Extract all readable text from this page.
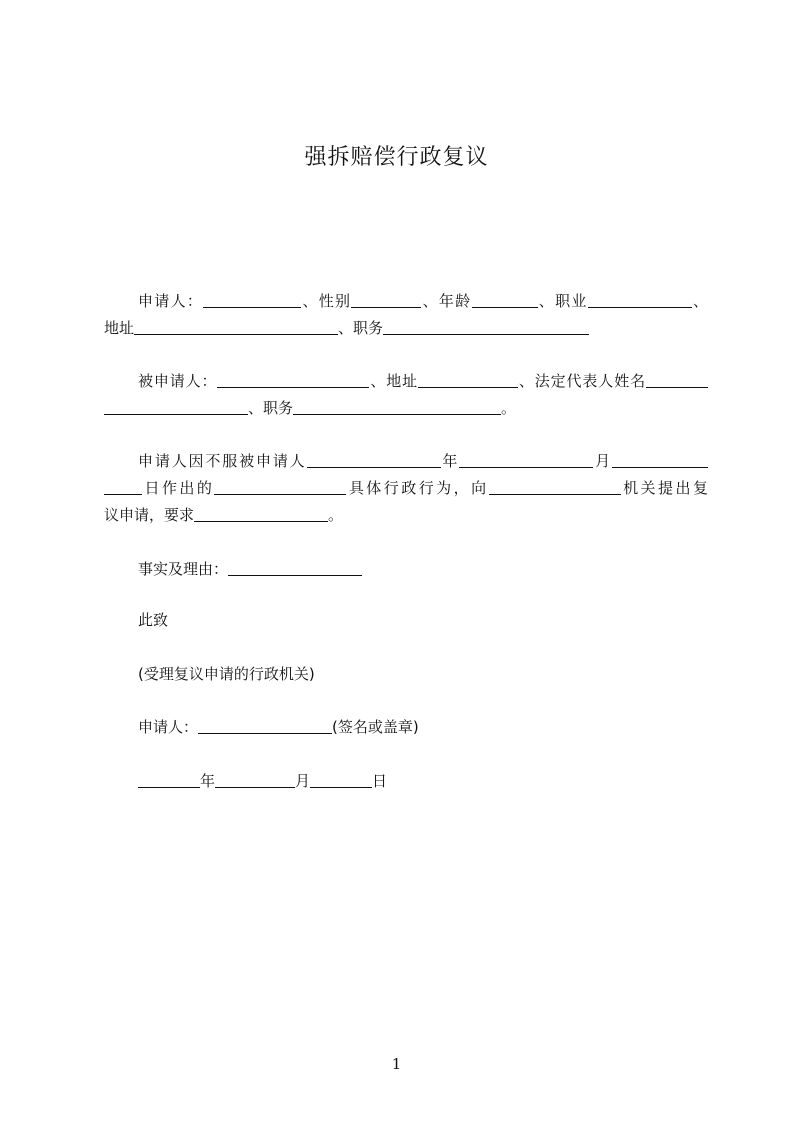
强拆赔偿行政复议
申请人：	、性别	、年龄	、职业	、
地址	、职务
被申请人：	、地址	、法定代表人姓名
、职务	。
申请人因不服被申请人	年	月
日作出的	具体行政行为，向	机关提出复
议申请，要求	。
事实及理由：
此致
(受理复议申请的行政机关)
申请人：	(签名或盖章)
年	月	日
1
